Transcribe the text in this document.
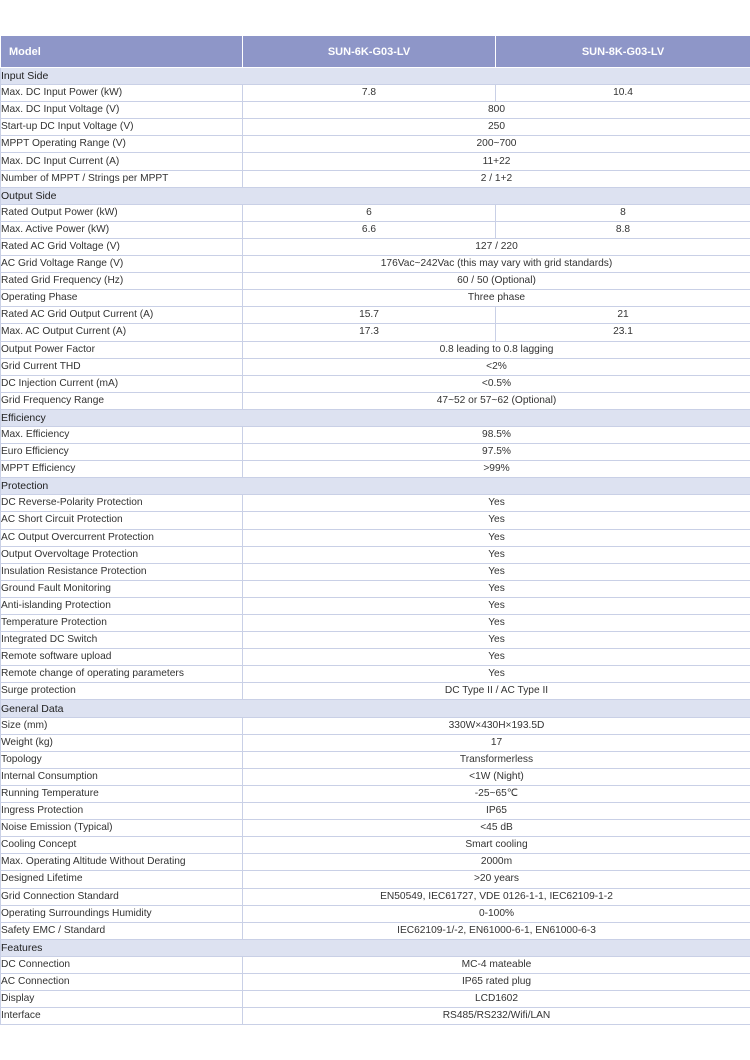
Model	SUN-6K-G03-LV	SUN-8K-G03-LV
Input Side		
Max. DC Input Power (kW)	7.8	10.4
Max. DC Input Voltage (V)	800	
Start-up DC Input Voltage (V)	250	
MPPT Operating Range (V)	200~700	
Max. DC Input Current (A)	11+22	
Number of MPPT / Strings per MPPT	2 / 1+2	
Output Side		
Rated Output Power (kW)	6	8
Max. Active Power (kW)	6.6	8.8
Rated AC Grid Voltage (V)	127 / 220	
AC Grid Voltage Range (V)	176Vac~242Vac (this may vary with grid standards)	
Rated Grid Frequency (Hz)	60 / 50 (Optional)	
Operating Phase	Three phase	
Rated AC Grid Output Current (A)	15.7	21
Max. AC Output Current (A)	17.3	23.1
Output Power Factor	0.8 leading to 0.8 lagging	
Grid Current THD	<2%	
DC Injection Current (mA)	<0.5%	
Grid Frequency Range	47~52 or 57~62 (Optional)	
Efficiency		
Max. Efficiency	98.5%	
Euro Efficiency	97.5%	
MPPT Efficiency	>99%	
Protection		
DC Reverse-Polarity Protection	Yes	
AC Short Circuit Protection	Yes	
AC Output Overcurrent Protection	Yes	
Output Overvoltage Protection	Yes	
Insulation Resistance Protection	Yes	
Ground Fault Monitoring	Yes	
Anti-islanding Protection	Yes	
Temperature Protection	Yes	
Integrated DC Switch	Yes	
Remote software upload	Yes	
Remote change of operating parameters	Yes	
Surge protection	DC Type II / AC Type II	
General Data		
Size (mm)	330W×430H×193.5D	
Weight (kg)	17	
Topology	Transformerless	
Internal Consumption	<1W (Night)	
Running Temperature	-25~65℃	
Ingress Protection	IP65	
Noise Emission (Typical)	<45 dB	
Cooling Concept	Smart cooling	
Max. Operating Altitude Without Derating	2000m	
Designed Lifetime	>20 years	
Grid Connection Standard	EN50549, IEC61727, VDE 0126-1-1, IEC62109-1-2	
Operating Surroundings Humidity	0-100%	
Safety EMC / Standard	IEC62109-1/-2, EN61000-6-1, EN61000-6-3	
Features		
DC Connection	MC-4 mateable	
AC Connection	IP65 rated plug	
Display	LCD1602	
Interface	RS485/RS232/Wifi/LAN	
